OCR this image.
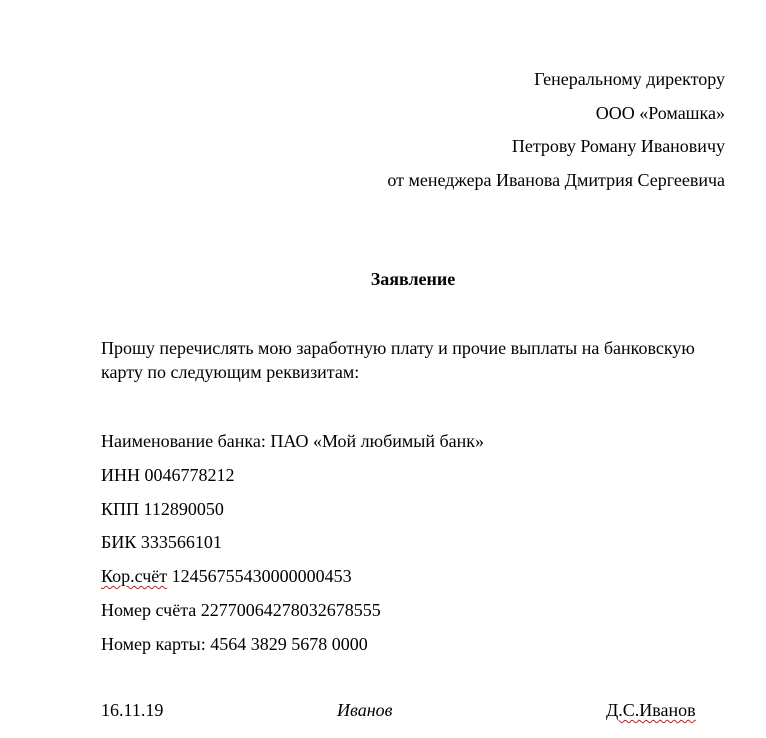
Генеральному директору
ООО «Ромашка»
Петрову Роману Ивановичу
от менеджера Иванова Дмитрия Сергеевича
Заявление
Прошу перечислять мою заработную плату и прочие выплаты на банковскую карту по следующим реквизитам:
Наименование банка: ПАО «Мой любимый банк»
ИНН 0046778212
КПП 112890050
БИК 333566101
Кор.счёт 12456755430000000453
Номер счёта 22770064278032678555
Номер карты: 4564 3829 5678 0000
16.11.19	Иванов	Д.С.Иванов
